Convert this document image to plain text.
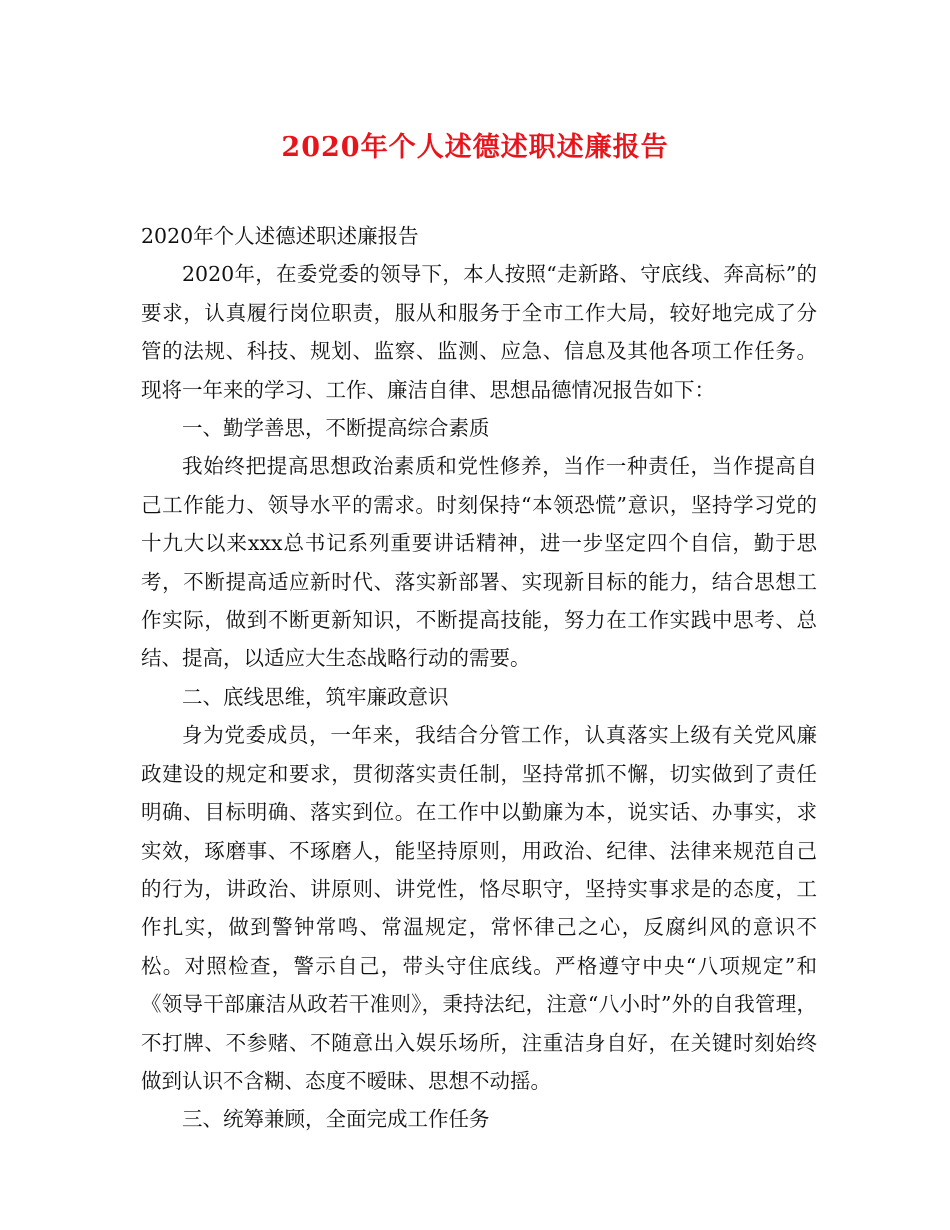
2020年个人述德述职述廉报告

2020年个人述德述职述廉报告

2020年，在委党委的领导下，本人按照“走新路、守底线、奔高标”的要求，认真履行岗位职责，服从和服务于全市工作大局，较好地完成了分管的法规、科技、规划、监察、监测、应急、信息及其他各项工作任务。现将一年来的学习、工作、廉洁自律、思想品德情况报告如下：

一、勤学善思，不断提高综合素质

我始终把提高思想政治素质和党性修养，当作一种责任，当作提高自己工作能力、领导水平的需求。时刻保持“本领恐慌”意识，坚持学习党的十九大以来xxx总书记系列重要讲话精神，进一步坚定四个自信，勤于思考，不断提高适应新时代、落实新部署、实现新目标的能力，结合思想工作实际，做到不断更新知识，不断提高技能，努力在工作实践中思考、总结、提高，以适应大生态战略行动的需要。

二、底线思维，筑牢廉政意识

身为党委成员，一年来，我结合分管工作，认真落实上级有关党风廉政建设的规定和要求，贯彻落实责任制，坚持常抓不懈，切实做到了责任明确、目标明确、落实到位。在工作中以勤廉为本，说实话、办事实，求实效，琢磨事、不琢磨人，能坚持原则，用政治、纪律、法律来规范自己的行为，讲政治、讲原则、讲党性，恪尽职守，坚持实事求是的态度，工作扎实，做到警钟常鸣、常温规定，常怀律己之心，反腐纠风的意识不松。对照检查，警示自己，带头守住底线。严格遵守中央“八项规定”和《领导干部廉洁从政若干准则》，秉持法纪，注意“八小时”外的自我管理，不打牌、不参赌、不随意出入娱乐场所，注重洁身自好，在关键时刻始终做到认识不含糊、态度不暧昧、思想不动摇。

三、统筹兼顾，全面完成工作任务
